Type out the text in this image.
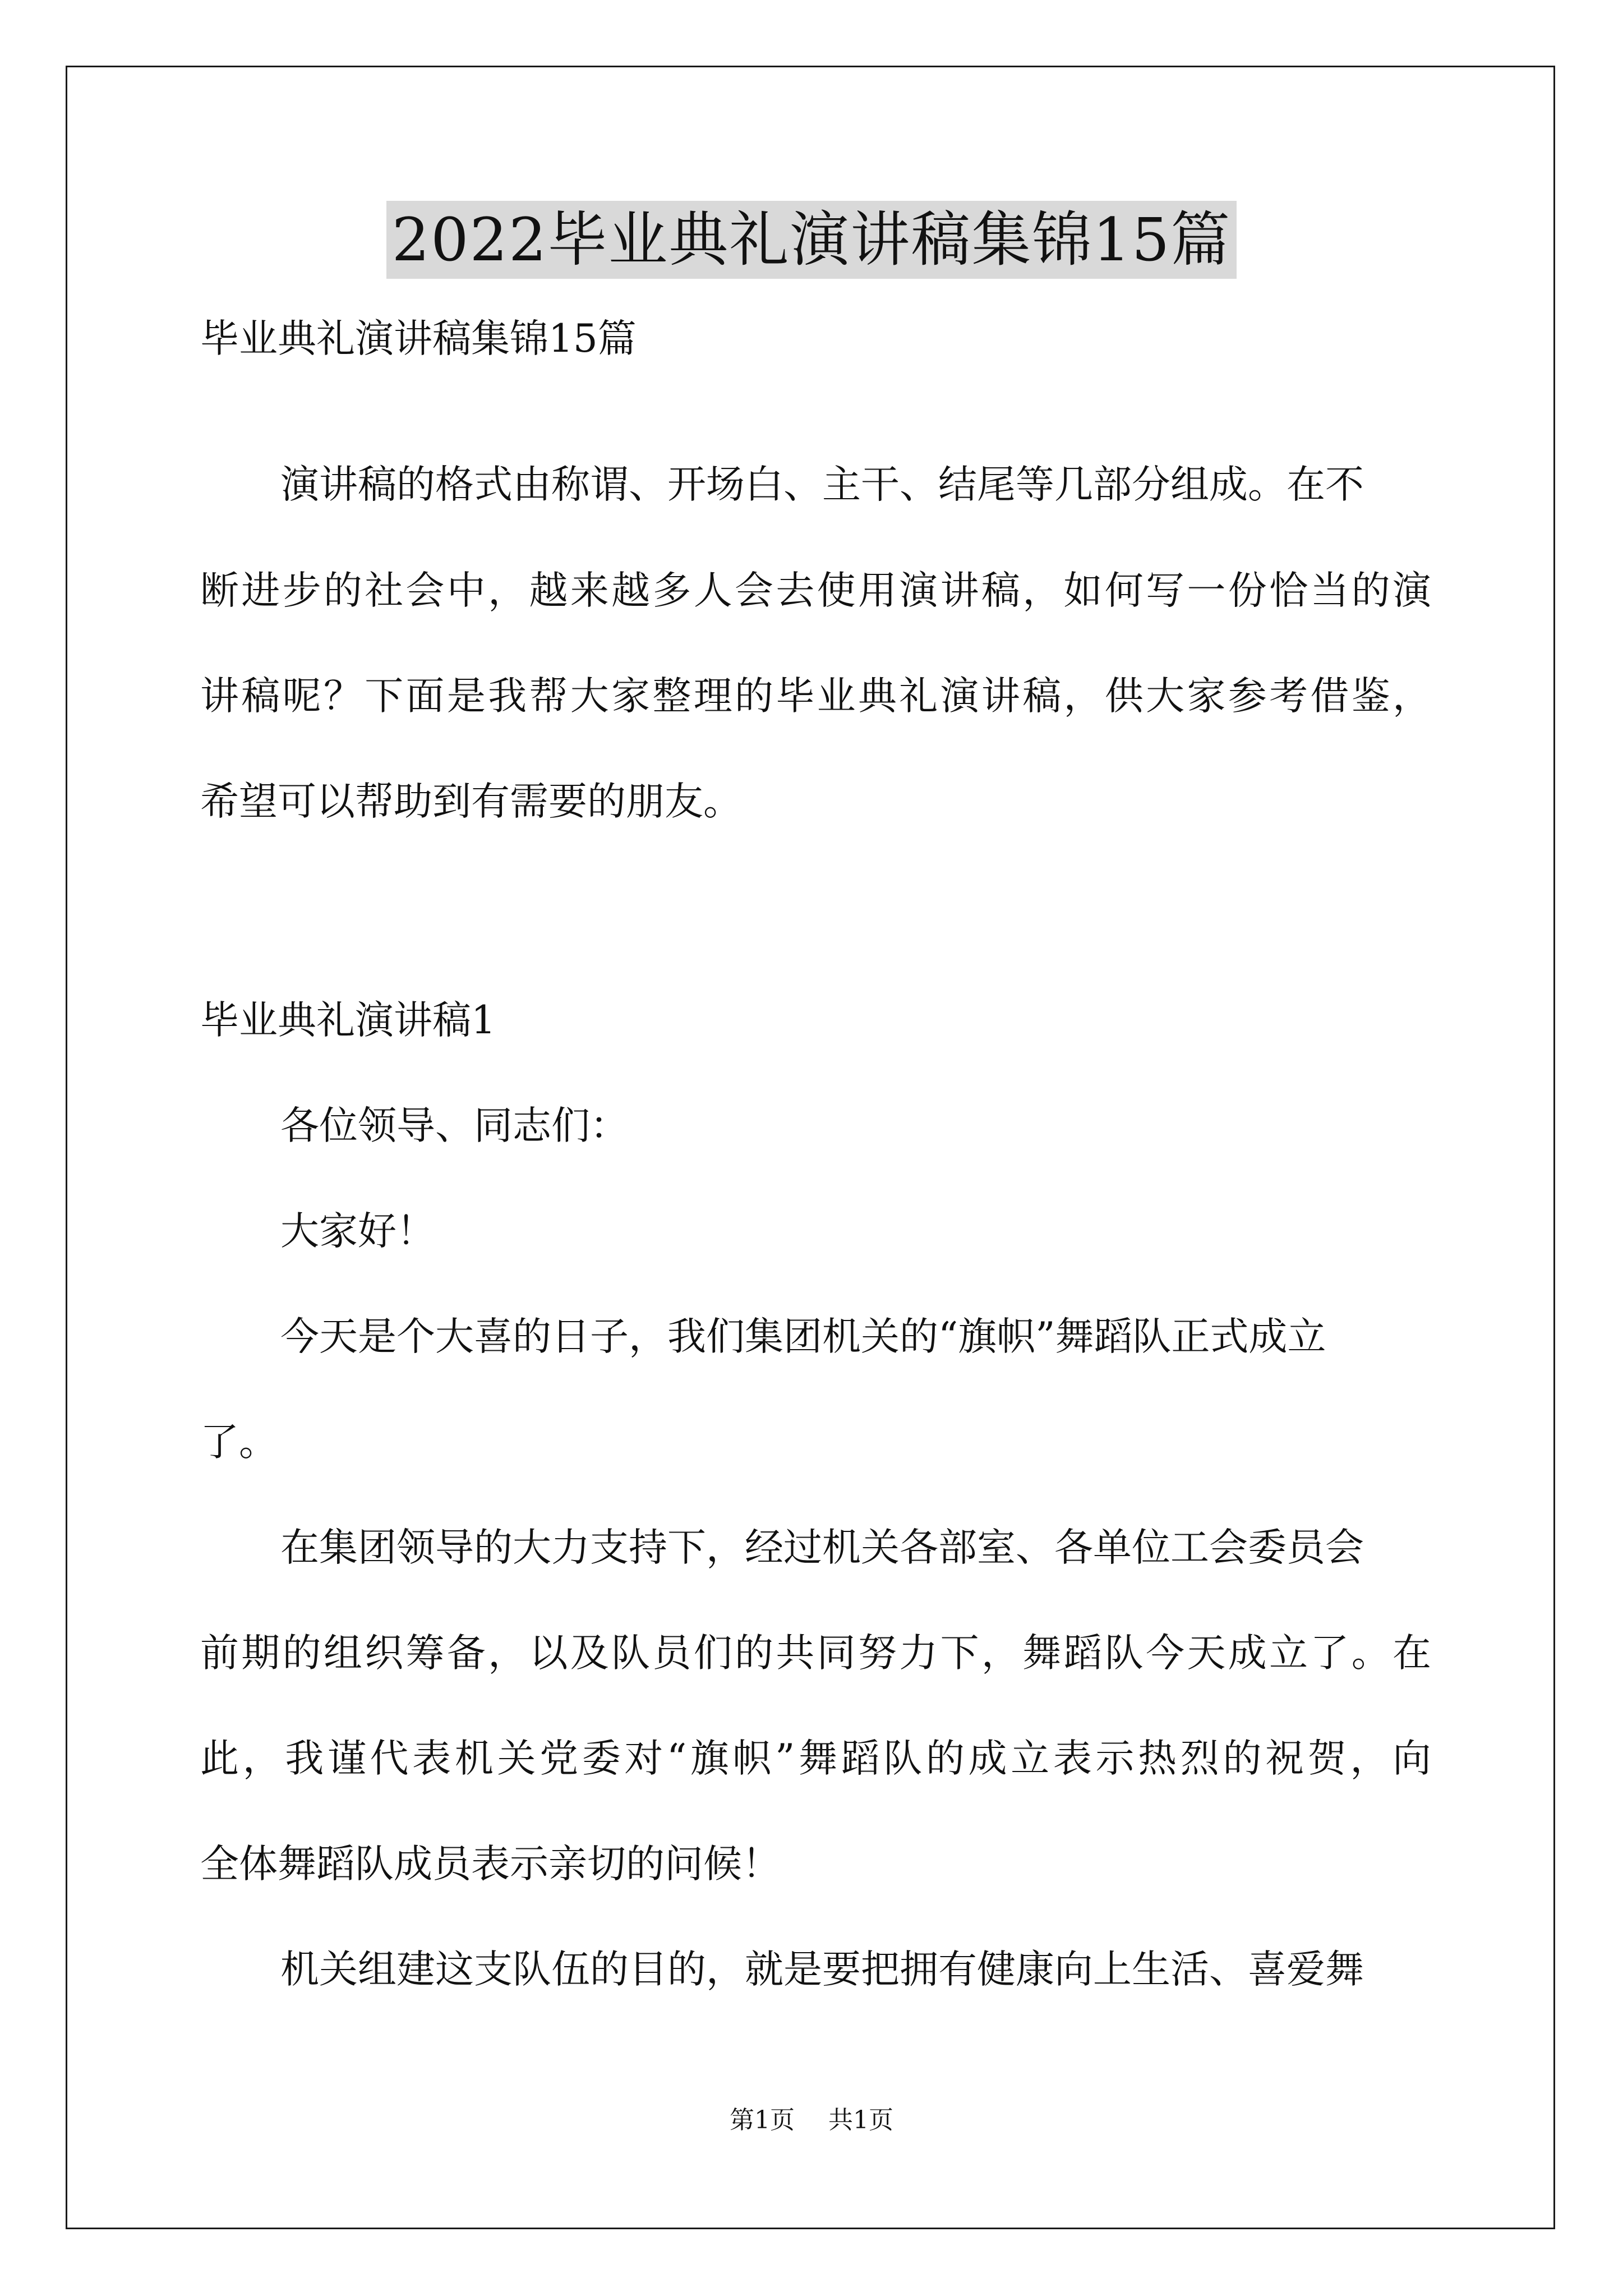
2022毕业典礼演讲稿集锦15篇
毕业典礼演讲稿集锦15篇
演讲稿的格式由称谓、开场白、主干、结尾等几部分组成。在不
断进步的社会中，越来越多人会去使用演讲稿，如何写一份恰当的演
讲稿呢？下面是我帮大家整理的毕业典礼演讲稿，供大家参考借鉴，
希望可以帮助到有需要的朋友。
毕业典礼演讲稿1
各位领导、同志们：
大家好！
今天是个大喜的日子，我们集团机关的“旗帜”舞蹈队正式成立
了。
在集团领导的大力支持下，经过机关各部室、各单位工会委员会
前期的组织筹备，以及队员们的共同努力下，舞蹈队今天成立了。在
此，我谨代表机关党委对“旗帜”舞蹈队的成立表示热烈的祝贺，向
全体舞蹈队成员表示亲切的问候！
机关组建这支队伍的目的，就是要把拥有健康向上生活、喜爱舞
第1页 共1页
